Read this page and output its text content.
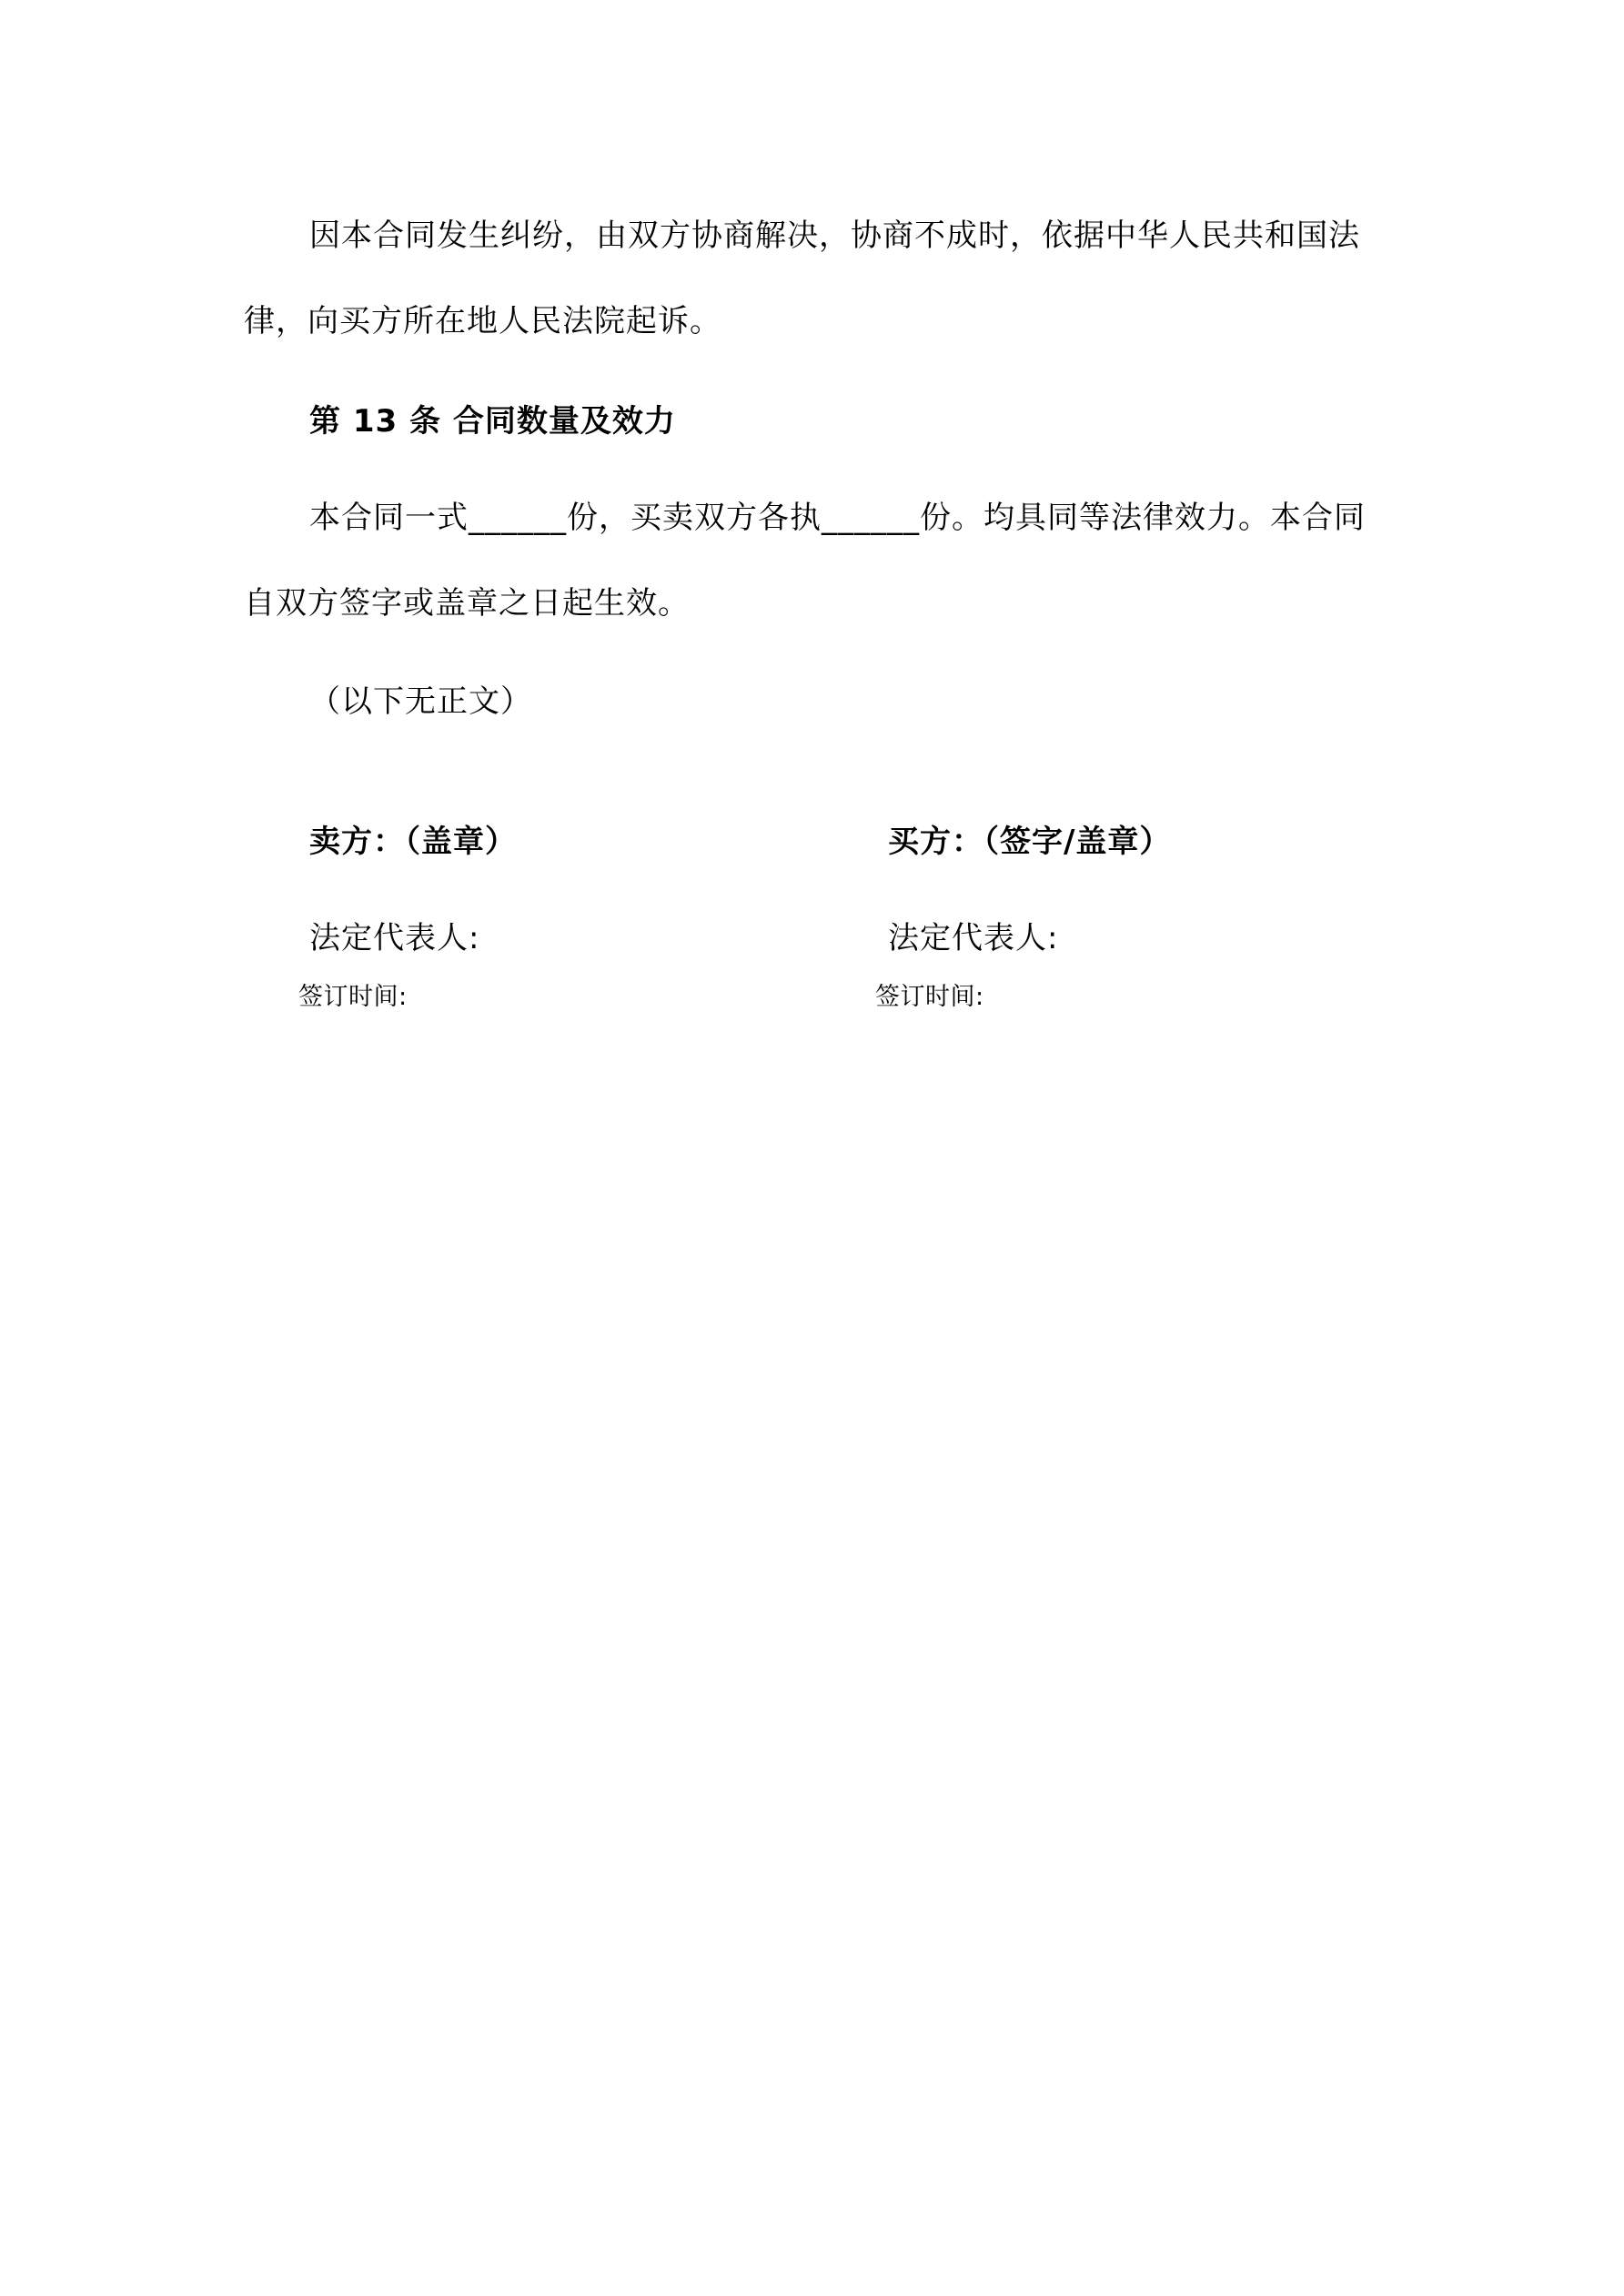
因本合同发生纠纷，由双方协商解决，协商不成时，依据中华人民共和国法
律，向买方所在地人民法院起诉。
第 13 条 合同数量及效力
本合同一式______份，买卖双方各执______份。均具同等法律效力。本合同
自双方签字或盖章之日起生效。
（以下无正文）
卖方：（盖章）	买方：（签字/盖章）
法定代表人:	法定代表人:
签订时间:	签订时间:
